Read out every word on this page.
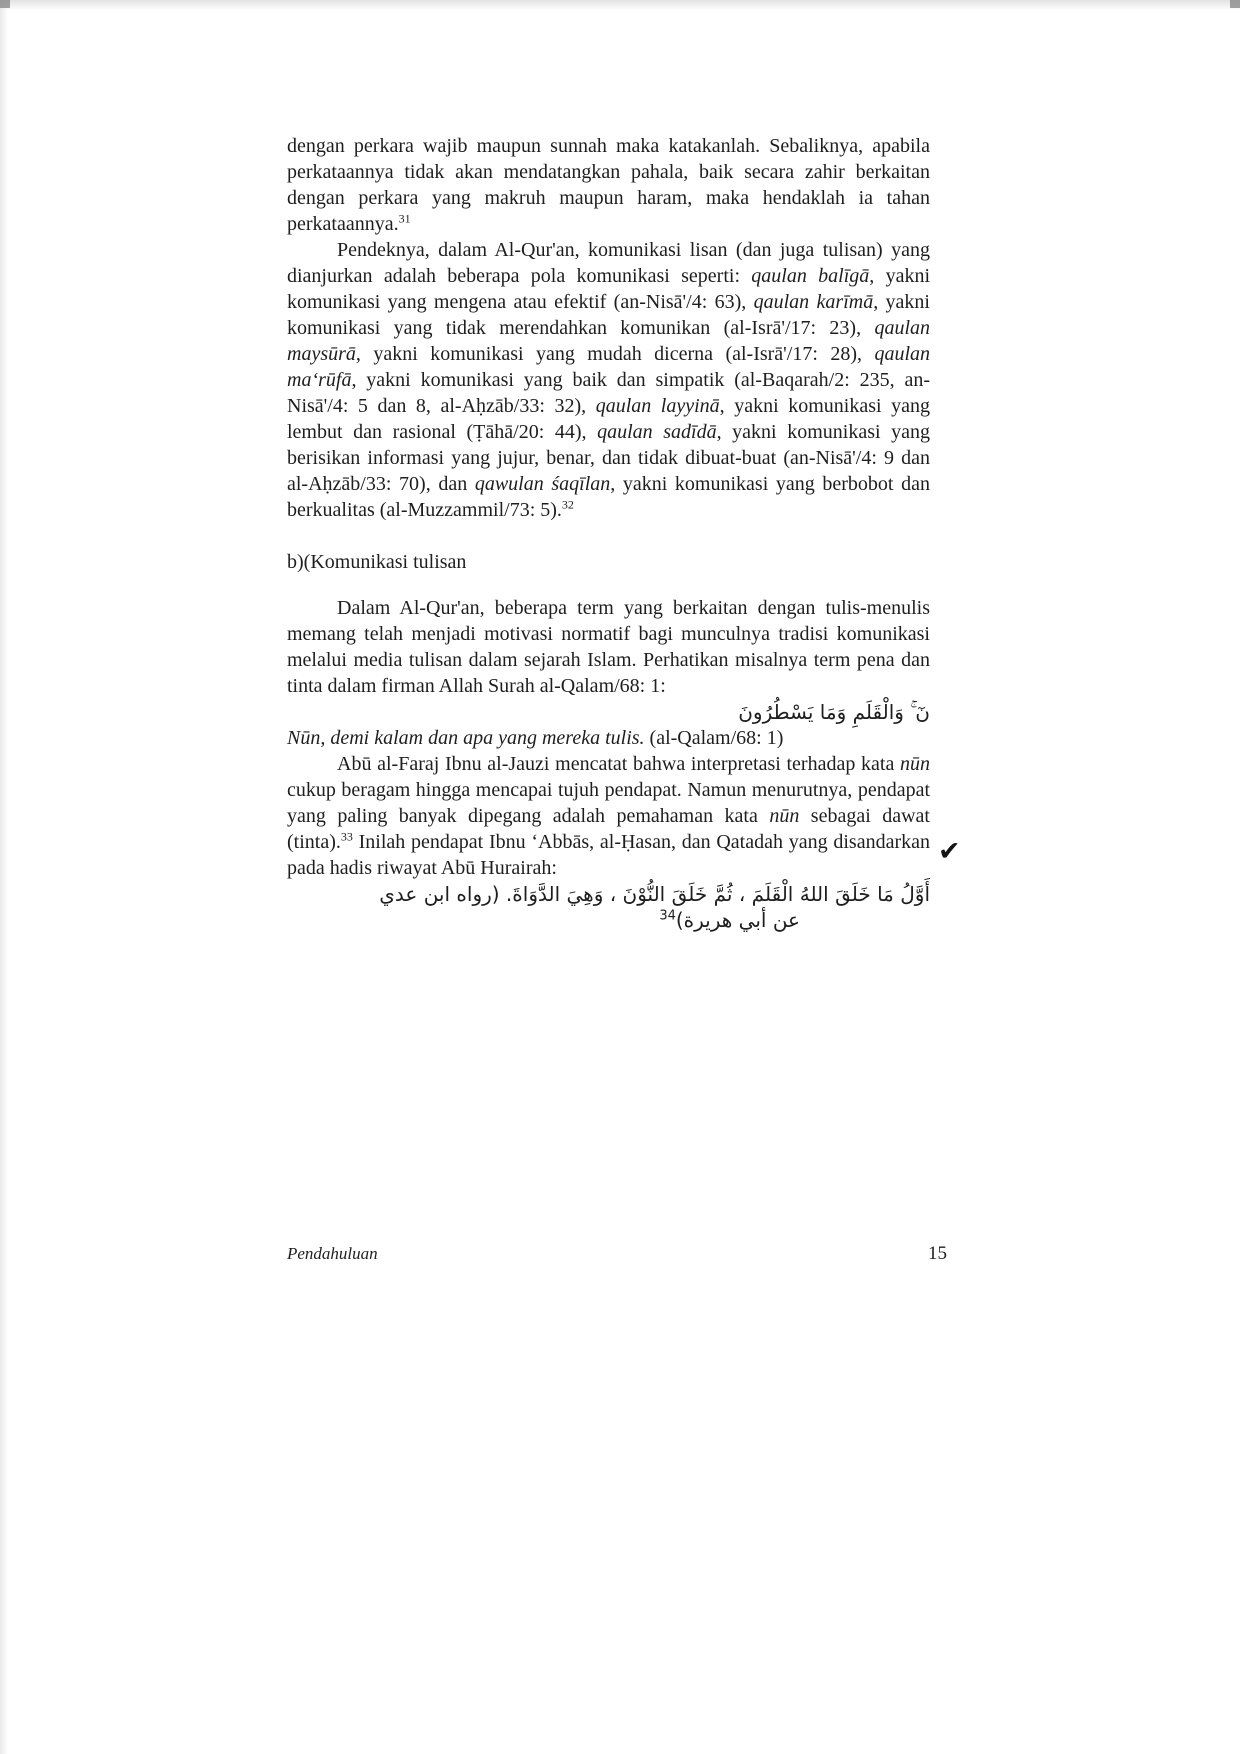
dengan perkara wajib maupun sunnah maka katakanlah. Sebaliknya, apabila perkataannya tidak akan mendatangkan pahala, baik secara zahir berkaitan dengan perkara yang makruh maupun haram, maka hendaklah ia tahan perkataannya.$^{31}$

Pendeknya, dalam Al-Qur'an, komunikasi lisan (dan juga tulisan) yang dianjurkan adalah beberapa pola komunikasi seperti: qaulan balīgā, yakni komunikasi yang mengena atau efektif (an-Nisā'/4: 63), qaulan karīmā, yakni komunikasi yang tidak merendahkan komunikan (al-Isrā'/17: 23), qaulan maysūrā, yakni komunikasi yang mudah dicerna (al-Isrā'/17: 28), qaulan ma‘rūfā, yakni komunikasi yang baik dan simpatik (al-Baqarah/2: 235, an-Nisā'/4: 5 dan 8, al-Aḥzāb/33: 32), qaulan layyinā, yakni komunikasi yang lembut dan rasional (Ṭāhā/20: 44), qaulan sadīdā, yakni komunikasi yang berisikan informasi yang jujur, benar, dan tidak dibuat-buat (an-Nisā'/4: 9 dan al-Aḥzāb/33: 70), dan qawulan śaqīlan, yakni komunikasi yang berbobot dan berkualitas (al-Muzzammil/73: 5).$^{32}$

b)(Komunikasi tulisan

Dalam Al-Qur'an, beberapa term yang berkaitan dengan tulis-menulis memang telah menjadi motivasi normatif bagi munculnya tradisi komunikasi melalui media tulisan dalam sejarah Islam. Perhatikan misalnya term pena dan tinta dalam firman Allah Surah al-Qalam/68: 1:

نٓ ۚ وَالْقَلَمِ وَمَا يَسْطُرُونَ

Nūn, demi kalam dan apa yang mereka tulis. (al-Qalam/68: 1)

Abū al-Faraj Ibnu al-Jauzi mencatat bahwa interpretasi terhadap kata nūn cukup beragam hingga mencapai tujuh pendapat. Namun menurutnya, pendapat yang paling banyak dipegang adalah pemahaman kata nūn sebagai dawat (tinta).$^{33}$ Inilah pendapat Ibnu ‘Abbās, al-Ḥasan, dan Qatadah yang disandarkan pada hadis riwayat Abū Hurairah:

أَوَّلُ مَا خَلَقَ اللهُ الْقَلَمَ ، ثُمَّ خَلَقَ النُّوْنَ ، وَهِيَ الدَّوَاةَ. (رواه ابن عدي

عن أبي هريرة)$^{34}$

✔
Pendahuluan	15
